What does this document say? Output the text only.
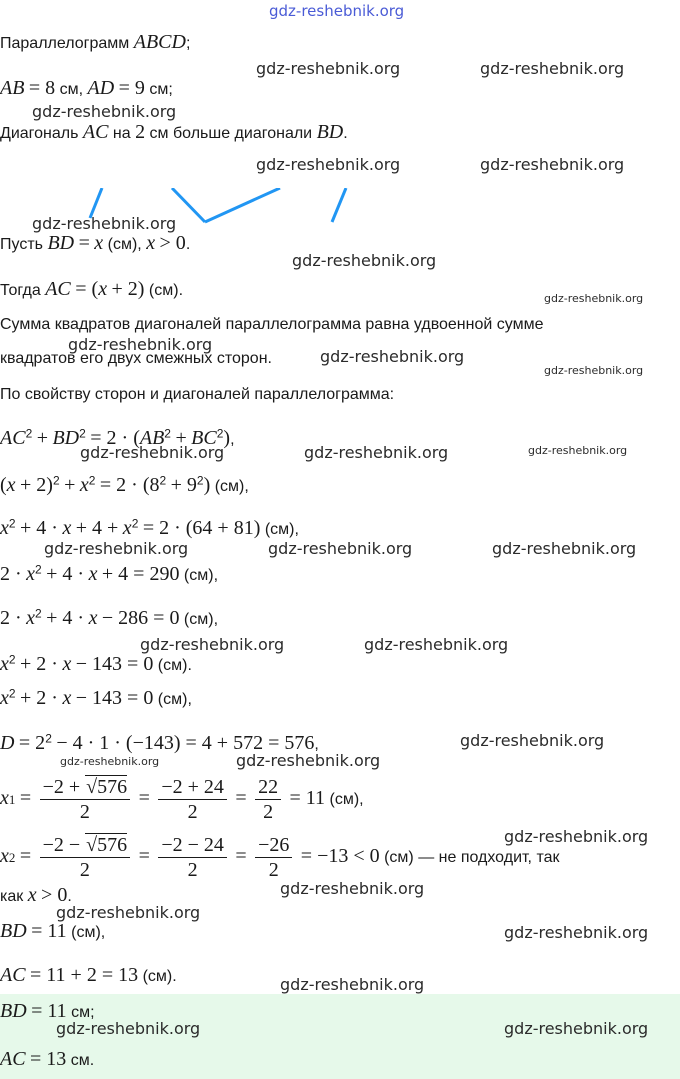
gdz-reshebnik.org
Параллелограмм ABCD;
AB = 8 см, AD = 9 см;
Диагональ AC на 2 см больше диагонали BD.
Пусть BD = x (см), x > 0.
Тогда AC = (x + 2) (см).
Сумма квадратов диагоналей параллелограмма равна удвоенной сумме
квадратов его двух смежных сторон.
По свойству сторон и диагоналей параллелограмма:
$AC^2 + BD^2 = 2 \cdot (AB^2 + BC^2)$,
$(x + 2)^2 + x^2 = 2 \cdot (8^2 + 9^2)$ (см),
$x^2 + 4 \cdot x + 4 + x^2 = 2 \cdot (64 + 81)$ (см),
$2 \cdot x^2 + 4 \cdot x + 4 = 290$ (см),
$2 \cdot x^2 + 4 \cdot x - 286 = 0$ (см),
$x^2 + 2 \cdot x - 143 = 0$ (см).
$x^2 + 2 \cdot x - 143 = 0$ (см),
$D = 2^2 - 4 \cdot 1 \cdot (-143) = 4 + 572 = 576$,
$x1 = \frac{-2 + √576}{2} = \frac{-2 + 24}{2} = \frac{22}{2} = 11$ (см),
$x2 = \frac{-2 - √576}{2} = \frac{-2 - 24}{2} = \frac{-26}{2} = -13 < 0$ (см) — не подходит, так
как x > 0.
BD = 11 (см),
AC = 11 + 2 = 13 (см).
BD = 11 см;
AC = 13 см.
gdz-reshebnik.org	gdz-reshebnik.org
gdz-reshebnik.org
gdz-reshebnik.org	gdz-reshebnik.org
gdz-reshebnik.org
gdz-reshebnik.org
gdz-reshebnik.org
gdz-reshebnik.org
gdz-reshebnik.org
gdz-reshebnik.org
gdz-reshebnik.org	gdz-reshebnik.org	gdz-reshebnik.org
gdz-reshebnik.org	gdz-reshebnik.org	gdz-reshebnik.org
gdz-reshebnik.org	gdz-reshebnik.org
gdz-reshebnik.org
gdz-reshebnik.org
gdz-reshebnik.org
gdz-reshebnik.org
gdz-reshebnik.org
gdz-reshebnik.org
gdz-reshebnik.org
gdz-reshebnik.org
gdz-reshebnik.org	gdz-reshebnik.org
